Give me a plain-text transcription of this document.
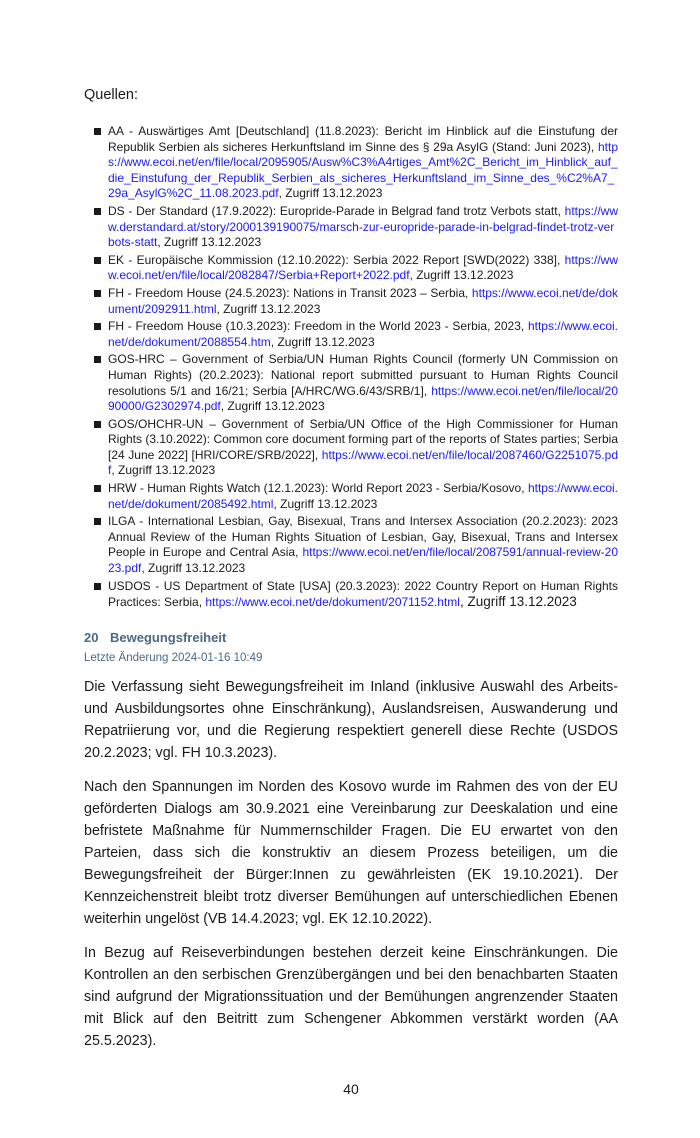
Quellen:
AA - Auswärtiges Amt [Deutschland] (11.8.2023): Bericht im Hinblick auf die Einstufung der Republik Serbien als sicheres Herkunftsland im Sinne des § 29a AsylG (Stand: Juni 2023), https://www.ecoi.net/en/file/local/2095905/Ausw%C3%A4rtiges_Amt%2C_Bericht_im_Hinblick_auf_die_Einstufung_der_Republik_Serbien_als_sicheres_Herkunftsland_im_Sinne_des_%C2%A7_29a_AsylG%2C_11.08.2023.pdf, Zugriff 13.12.2023
DS - Der Standard (17.9.2022): Europride-Parade in Belgrad fand trotz Verbots statt, https://www.derstandard.at/story/2000139190075/marsch-zur-europride-parade-in-belgrad-findet-trotz-verbots-statt, Zugriff 13.12.2023
EK - Europäische Kommission (12.10.2022): Serbia 2022 Report [SWD(2022) 338], https://www.ecoi.net/en/file/local/2082847/Serbia+Report+2022.pdf, Zugriff 13.12.2023
FH - Freedom House (24.5.2023): Nations in Transit 2023 – Serbia, https://www.ecoi.net/de/dokument/2092911.html, Zugriff 13.12.2023
FH - Freedom House (10.3.2023): Freedom in the World 2023 - Serbia, 2023, https://www.ecoi.net/de/dokument/2088554.htm, Zugriff 13.12.2023
GOS-HRC – Government of Serbia/UN Human Rights Council (formerly UN Commission on Human Rights) (20.2.2023): National report submitted pursuant to Human Rights Council resolutions 5/1 and 16/21; Serbia [A/HRC/WG.6/43/SRB/1], https://www.ecoi.net/en/file/local/2090000/G2302974.pdf, Zugriff 13.12.2023
GOS/OHCHR-UN – Government of Serbia/UN Office of the High Commissioner for Human Rights (3.10.2022): Common core document forming part of the reports of States parties; Serbia [24 June 2022] [HRI/CORE/SRB/2022], https://www.ecoi.net/en/file/local/2087460/G2251075.pdf, Zugriff 13.12.2023
HRW - Human Rights Watch (12.1.2023): World Report 2023 - Serbia/Kosovo, https://www.ecoi.net/de/dokument/2085492.html, Zugriff 13.12.2023
ILGA - International Lesbian, Gay, Bisexual, Trans and Intersex Association (20.2.2023): 2023 Annual Review of the Human Rights Situation of Lesbian, Gay, Bisexual, Trans and Intersex People in Europe and Central Asia, https://www.ecoi.net/en/file/local/2087591/annual-review-2023.pdf, Zugriff 13.12.2023
USDOS - US Department of State [USA] (20.3.2023): 2022 Country Report on Human Rights Practices: Serbia, https://www.ecoi.net/de/dokument/2071152.html, Zugriff 13.12.2023
20 Bewegungsfreiheit
Letzte Änderung 2024-01-16 10:49

Die Verfassung sieht Bewegungsfreiheit im Inland (inklusive Auswahl des Arbeits- und Ausbildungsortes ohne Einschränkung), Auslandsreisen, Auswanderung und Repatriierung vor, und die Regierung respektiert generell diese Rechte (USDOS 20.2.2023; vgl. FH 10.3.2023).

Nach den Spannungen im Norden des Kosovo wurde im Rahmen des von der EU geförderten Dialogs am 30.9.2021 eine Vereinbarung zur Deeskalation und eine befristete Maßnahme für Nummernschilder Fragen. Die EU erwartet von den Parteien, dass sich die konstruktiv an diesem Prozess beteiligen, um die Bewegungsfreiheit der Bürger:Innen zu gewährleisten (EK 19.10.2021). Der Kennzeichenstreit bleibt trotz diverser Bemühungen auf unterschiedlichen Ebenen weiterhin ungelöst (VB 14.4.2023; vgl. EK 12.10.2022).

In Bezug auf Reiseverbindungen bestehen derzeit keine Einschränkungen. Die Kontrollen an den serbischen Grenzübergängen und bei den benachbarten Staaten sind aufgrund der Migrationssituation und der Bemühungen angrenzender Staaten mit Blick auf den Beitritt zum Schengener Abkommen verstärkt worden (AA 25.5.2023).

40
